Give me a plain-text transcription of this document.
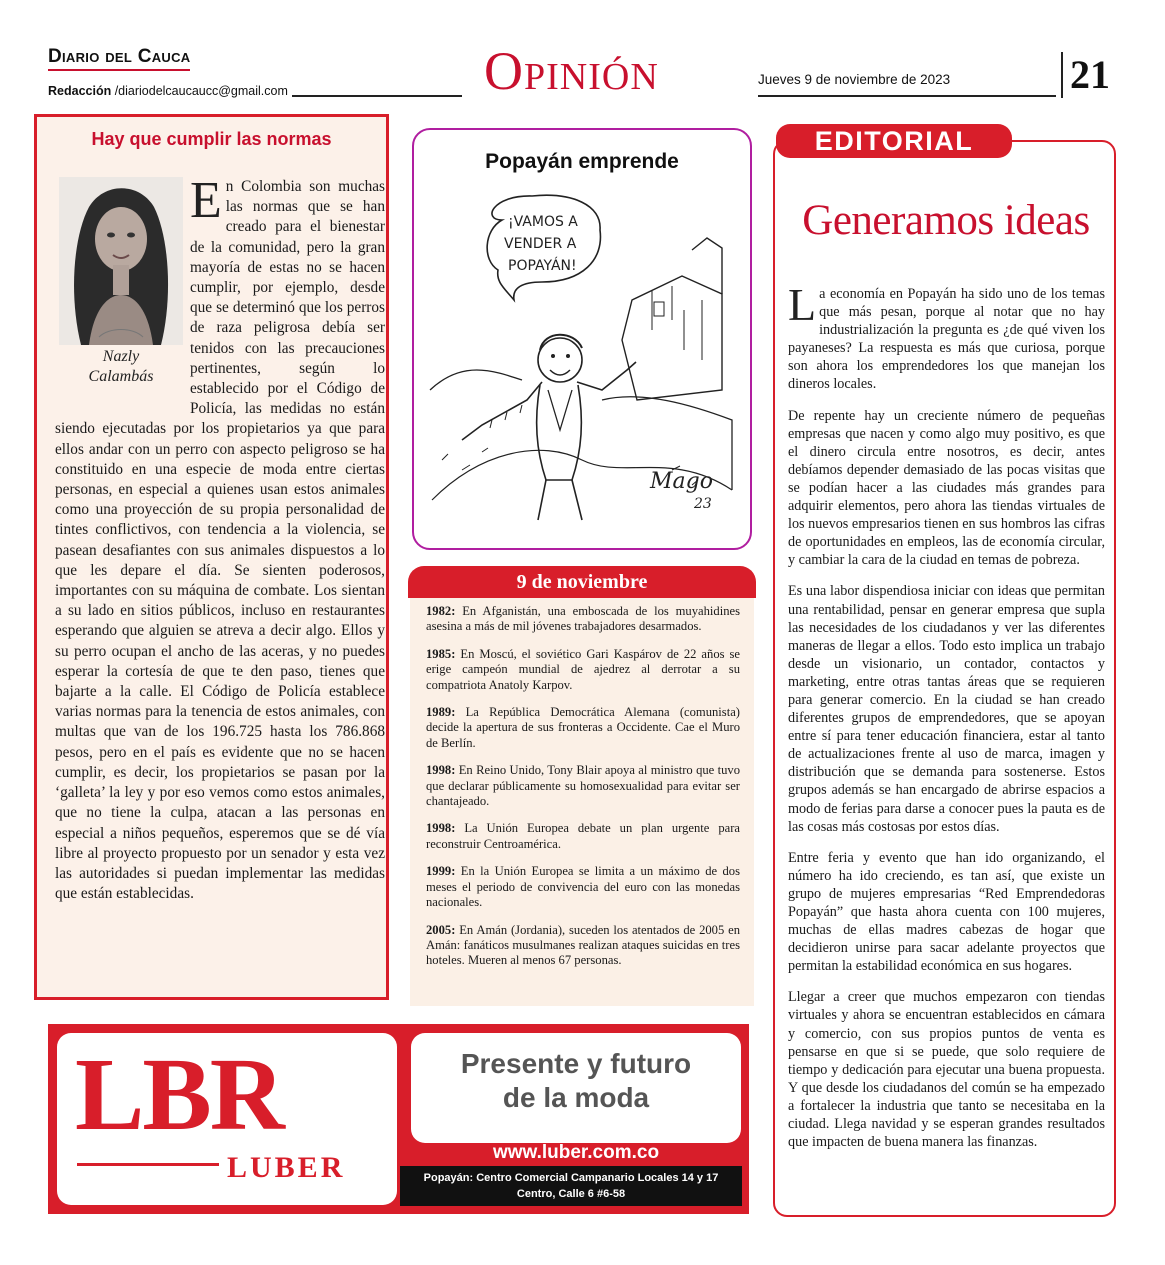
Diario del Cauca
Redacción /diariodelcaucaucc@gmail.com	Opinión	Jueves 9 de noviembre de 2023	21
Hay que cumplir las normas
Nazly
Calambás
En Colombia son muchas las normas que se han creado para el bienestar de la comunidad, pero la gran mayoría de estas no se hacen cumplir, por ejemplo, desde que se determinó que los perros de raza peligrosa debía ser tenidos con las precauciones pertinentes, según lo establecido por el Código de Policía, las medidas no están siendo ejecutadas por los propietarios ya que para ellos andar con un perro con aspecto peligroso se ha constituido en una especie de moda entre ciertas personas, en especial a quienes usan estos animales como una proyección de su propia personalidad de tintes conflictivos, con tendencia a la violencia, se pasean desafiantes con sus animales dispuestos a lo que les depare el día. Se sienten poderosos, importantes con su máquina de combate. Los sientan a su lado en sitios públicos, incluso en restaurantes esperando que alguien se atreva a decir algo. Ellos y su perro ocupan el ancho de las aceras, y no puedes esperar la cortesía de que te den paso, tienes que bajarte a la calle. El Código de Policía establece varias normas para la tenencia de estos animales, con multas que van de los 196.725 hasta los 786.868 pesos, pero en el país es evidente que no se hacen cumplir, es decir, los propietarios se pasan por la ‘galleta’ la ley y por eso vemos como estos animales, que no tiene la culpa, atacan a las personas en especial a niños pequeños, esperemos que se dé vía libre al proyecto propuesto por un senador y esta vez las autoridades si puedan implementar las medidas que están establecidas.
Popayán emprende
¡VAMOS A
VENDER A
POPAYÁN!
Mago
23
9 de noviembre
1982: En Afganistán, una emboscada de los muyahidines asesina a más de mil jóvenes trabajadores desarmados.
1985: En Moscú, el soviético Gari Kaspárov de 22 años se erige campeón mundial de ajedrez al derrotar a su compatriota Anatoly Karpov.
1989: La República Democrática Alemana (comunista) decide la apertura de sus fronteras a Occidente. Cae el Muro de Berlín.
1998: En Reino Unido, Tony Blair apoya al ministro que tuvo que declarar públicamente su homosexualidad para evitar ser chantajeado.
1998: La Unión Europea debate un plan urgente para reconstruir Centroamérica.
1999: En la Unión Europea se limita a un máximo de dos meses el periodo de convivencia del euro con las monedas nacionales.
2005: En Amán (Jordania), suceden los atentados de 2005 en Amán: fanáticos musulmanes realizan ataques suicidas en tres hoteles. Mueren al menos 67 personas.
LBR
LUBER
Presente y futuro
de la moda
www.luber.com.co
Popayán: Centro Comercial Campanario Locales 14 y 17
Centro, Calle 6 #6-58
EDITORIAL
Generamos ideas

La economía en Popayán ha sido uno de los temas que más pesan, porque al notar que no hay industrialización la pregunta es ¿de qué viven los payaneses? La respuesta es más que curiosa, porque son ahora los emprendedores los que manejan los dineros locales.

De repente hay un creciente número de pequeñas empresas que nacen y como algo muy positivo, es que el dinero circula entre nosotros, es decir, antes debíamos depender demasiado de las pocas visitas que se podían hacer a las ciudades más grandes para adquirir elementos, pero ahora las tiendas virtuales de los nuevos empresarios tienen en sus hombros las cifras de oportunidades en empleos, las de economía circular, y cambiar la cara de la ciudad en temas de pobreza.

Es una labor dispendiosa iniciar con ideas que permitan una rentabilidad, pensar en generar empresa que supla las necesidades de los ciudadanos y ver las diferentes maneras de llegar a ellos. Todo esto implica un trabajo desde un visionario, un contador, contactos y marketing, entre otras tantas áreas que se requieren para generar comercio. En la ciudad se han creado diferentes grupos de emprendedores, que se apoyan entre sí para tener educación financiera, estar al tanto de actualizaciones frente al uso de marca, imagen y distribución que se demanda para sostenerse. Estos grupos además se han encargado de abrirse espacios a modo de ferias para darse a conocer pues la pauta es de las cosas más costosas por estos días.

Entre feria y evento que han ido organizando, el número ha ido creciendo, es tan así, que existe un grupo de mujeres empresarias “Red Emprendedoras Popayán” que hasta ahora cuenta con 100 mujeres, muchas de ellas madres cabezas de hogar que decidieron unirse para sacar adelante proyectos que permitan la estabilidad económica en sus hogares.

Llegar a creer que muchos empezaron con tiendas virtuales y ahora se encuentran establecidos en cámara y comercio, con sus propios puntos de venta es pensarse en que si se puede, que solo requiere de tiempo y dedicación para ejecutar una buena propuesta. Y que desde los ciudadanos del común se ha empezado a fortalecer la industria que tanto se necesitaba en la ciudad. Llega navidad y se esperan grandes resultados que impacten de buena manera las finanzas.
